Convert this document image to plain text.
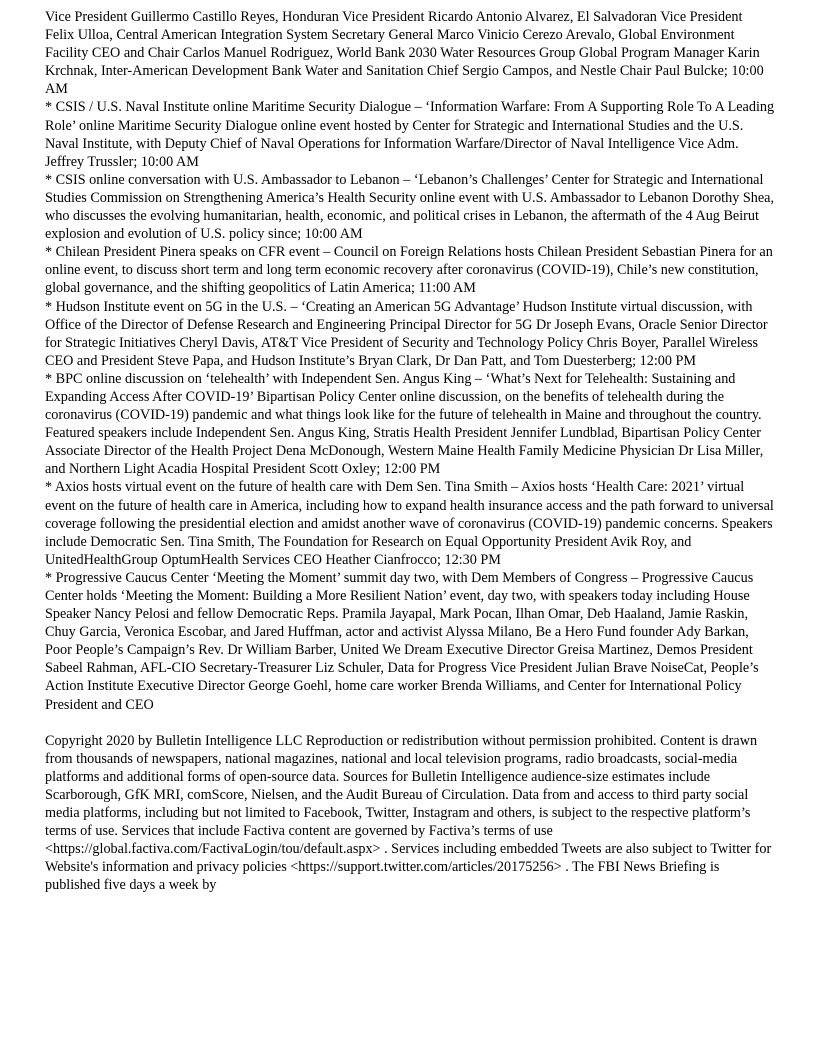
Vice President Guillermo Castillo Reyes, Honduran Vice President Ricardo Antonio Alvarez, El Salvadoran Vice President Felix Ulloa, Central American Integration System Secretary General Marco Vinicio Cerezo Arevalo, Global Environment Facility CEO and Chair Carlos Manuel Rodriguez, World Bank 2030 Water Resources Group Global Program Manager Karin Krchnak, Inter-American Development Bank Water and Sanitation Chief Sergio Campos, and Nestle Chair Paul Bulcke; 10:00 AM

* CSIS / U.S. Naval Institute online Maritime Security Dialogue – ‘Information Warfare: From A Supporting Role To A Leading Role’ online Maritime Security Dialogue online event hosted by Center for Strategic and International Studies and the U.S. Naval Institute, with Deputy Chief of Naval Operations for Information Warfare/Director of Naval Intelligence Vice Adm. Jeffrey Trussler; 10:00 AM

* CSIS online conversation with U.S. Ambassador to Lebanon – ‘Lebanon’s Challenges’ Center for Strategic and International Studies Commission on Strengthening America’s Health Security online event with U.S. Ambassador to Lebanon Dorothy Shea, who discusses the evolving humanitarian, health, economic, and political crises in Lebanon, the aftermath of the 4 Aug Beirut explosion and evolution of U.S. policy since; 10:00 AM

* Chilean President Pinera speaks on CFR event – Council on Foreign Relations hosts Chilean President Sebastian Pinera for an online event, to discuss short term and long term economic recovery after coronavirus (COVID-19), Chile’s new constitution, global governance, and the shifting geopolitics of Latin America; 11:00 AM

* Hudson Institute event on 5G in the U.S. – ‘Creating an American 5G Advantage’ Hudson Institute virtual discussion, with Office of the Director of Defense Research and Engineering Principal Director for 5G Dr Joseph Evans, Oracle Senior Director for Strategic Initiatives Cheryl Davis, AT&T Vice President of Security and Technology Policy Chris Boyer, Parallel Wireless CEO and President Steve Papa, and Hudson Institute’s Bryan Clark, Dr Dan Patt, and Tom Duesterberg; 12:00 PM

* BPC online discussion on ‘telehealth’ with Independent Sen. Angus King – ‘What’s Next for Telehealth: Sustaining and Expanding Access After COVID-19’ Bipartisan Policy Center online discussion, on the benefits of telehealth during the coronavirus (COVID-19) pandemic and what things look like for the future of telehealth in Maine and throughout the country. Featured speakers include Independent Sen. Angus King, Stratis Health President Jennifer Lundblad, Bipartisan Policy Center Associate Director of the Health Project Dena McDonough, Western Maine Health Family Medicine Physician Dr Lisa Miller, and Northern Light Acadia Hospital President Scott Oxley; 12:00 PM

* Axios hosts virtual event on the future of health care with Dem Sen. Tina Smith – Axios hosts ‘Health Care: 2021’ virtual event on the future of health care in America, including how to expand health insurance access and the path forward to universal coverage following the presidential election and amidst another wave of coronavirus (COVID-19) pandemic concerns. Speakers include Democratic Sen. Tina Smith, The Foundation for Research on Equal Opportunity President Avik Roy, and UnitedHealthGroup OptumHealth Services CEO Heather Cianfrocco; 12:30 PM

* Progressive Caucus Center ‘Meeting the Moment’ summit day two, with Dem Members of Congress – Progressive Caucus Center holds ‘Meeting the Moment: Building a More Resilient Nation’ event, day two, with speakers today including House Speaker Nancy Pelosi and fellow Democratic Reps. Pramila Jayapal, Mark Pocan, Ilhan Omar, Deb Haaland, Jamie Raskin, Chuy Garcia, Veronica Escobar, and Jared Huffman, actor and activist Alyssa Milano, Be a Hero Fund founder Ady Barkan, Poor People’s Campaign’s Rev. Dr William Barber, United We Dream Executive Director Greisa Martinez, Demos President Sabeel Rahman, AFL-CIO Secretary-Treasurer Liz Schuler, Data for Progress Vice President Julian Brave NoiseCat, People’s Action Institute Executive Director George Goehl, home care worker Brenda Williams, and Center for International Policy President and CEO

Copyright 2020 by Bulletin Intelligence LLC Reproduction or redistribution without permission prohibited. Content is drawn from thousands of newspapers, national magazines, national and local television programs, radio broadcasts, social-media platforms and additional forms of open-source data. Sources for Bulletin Intelligence audience-size estimates include Scarborough, GfK MRI, comScore, Nielsen, and the Audit Bureau of Circulation. Data from and access to third party social media platforms, including but not limited to Facebook, Twitter, Instagram and others, is subject to the respective platform’s terms of use. Services that include Factiva content are governed by Factiva’s terms of use <https://global.factiva.com/FactivaLogin/tou/default.aspx> . Services including embedded Tweets are also subject to Twitter for Website's information and privacy policies <https://support.twitter.com/articles/20175256> . The FBI News Briefing is published five days a week by
